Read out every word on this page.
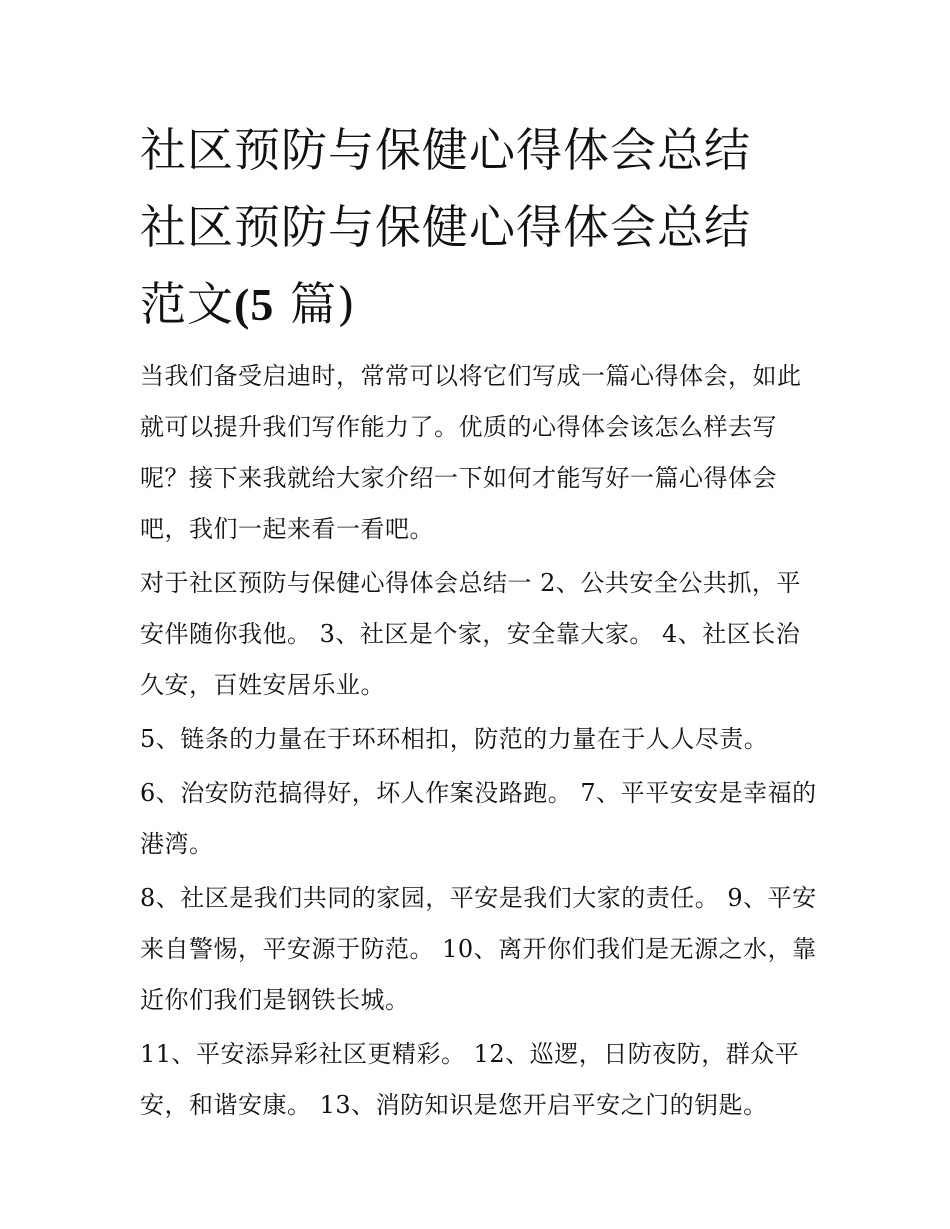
社区预防与保健心得体会总结
社区预防与保健心得体会总结
范文(5 篇)

当我们备受启迪时，常常可以将它们写成一篇心得体会，如此就可以提升我们写作能力了。优质的心得体会该怎么样去写呢？接下来我就给大家介绍一下如何才能写好一篇心得体会吧，我们一起来看一看吧。

对于社区预防与保健心得体会总结一 2、公共安全公共抓，平安伴随你我他。 3、社区是个家，安全靠大家。 4、社区长治久安，百姓安居乐业。

5、链条的力量在于环环相扣，防范的力量在于人人尽责。

6、治安防范搞得好，坏人作案没路跑。 7、平平安安是幸福的港湾。

8、社区是我们共同的家园，平安是我们大家的责任。 9、平安来自警惕，平安源于防范。 10、离开你们我们是无源之水，靠近你们我们是钢铁长城。

11、平安添异彩社区更精彩。 12、巡逻，日防夜防，群众平安，和谐安康。 13、消防知识是您开启平安之门的钥匙。
